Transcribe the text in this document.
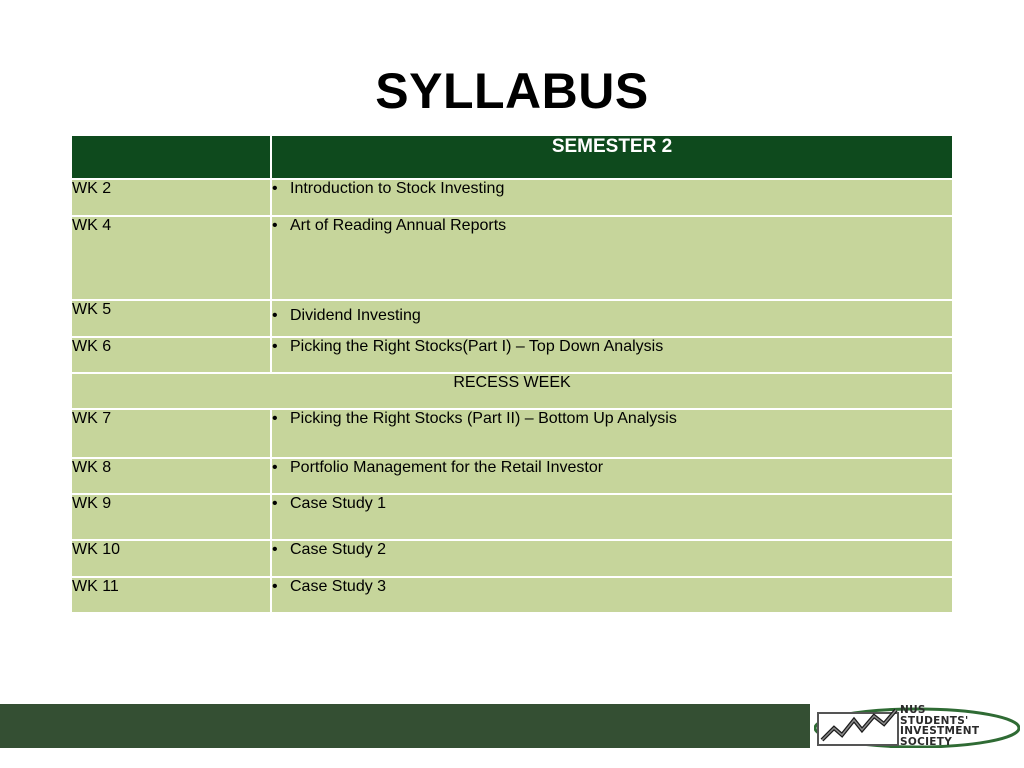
SYLLABUS
	SEMESTER 2
WK 2	• Introduction to Stock Investing
WK 4	• Art of Reading Annual Reports
WK 5	• Dividend Investing
WK 6	• Picking the Right Stocks(Part I) – Top Down Analysis
RECESS WEEK	
WK 7	• Picking the Right Stocks (Part II) – Bottom Up Analysis
WK 8	• Portfolio Management for the Retail Investor
WK 9	• Case Study 1
WK 10	• Case Study 2
WK 11	• Case Study 3
NUS
STUDENTS'
INVESTMENT
SOCIETY
